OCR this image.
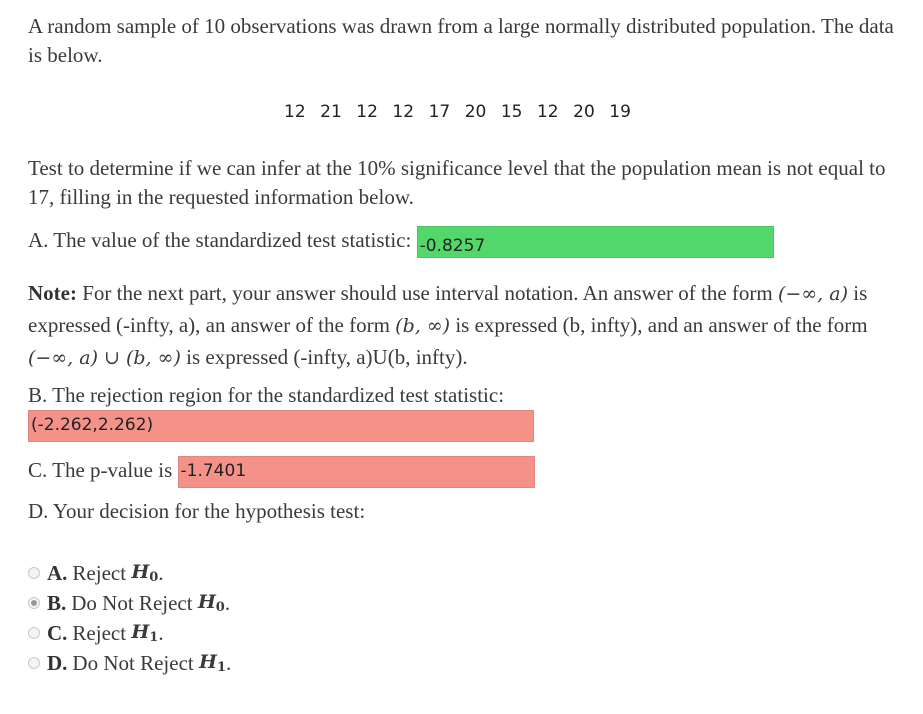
A random sample of 10 observations was drawn from a large normally distributed population. The data is below.

12 21 12 12 17 20 15 12 20 19

Test to determine if we can infer at the 10% significance level that the population mean is not equal to 17, filling in the requested information below.

A. The value of the standardized test statistic: -0.8257

Note: For the next part, your answer should use interval notation. An answer of the form (−∞, a) is expressed (-infty, a), an answer of the form (b, ∞) is expressed (b, infty), and an answer of the form (−∞, a) ∪ (b, ∞) is expressed (-infty, a)U(b, infty).

B. The rejection region for the standardized test statistic:
(-2.262,2.262)
C. The p-value is -1.7401
D. Your decision for the hypothesis test:
A. Reject
$H_0$ .
B. Do Not Reject
$H_0$ .
C. Reject
$H_1$ .
D. Do Not Reject
$H_1$ .
